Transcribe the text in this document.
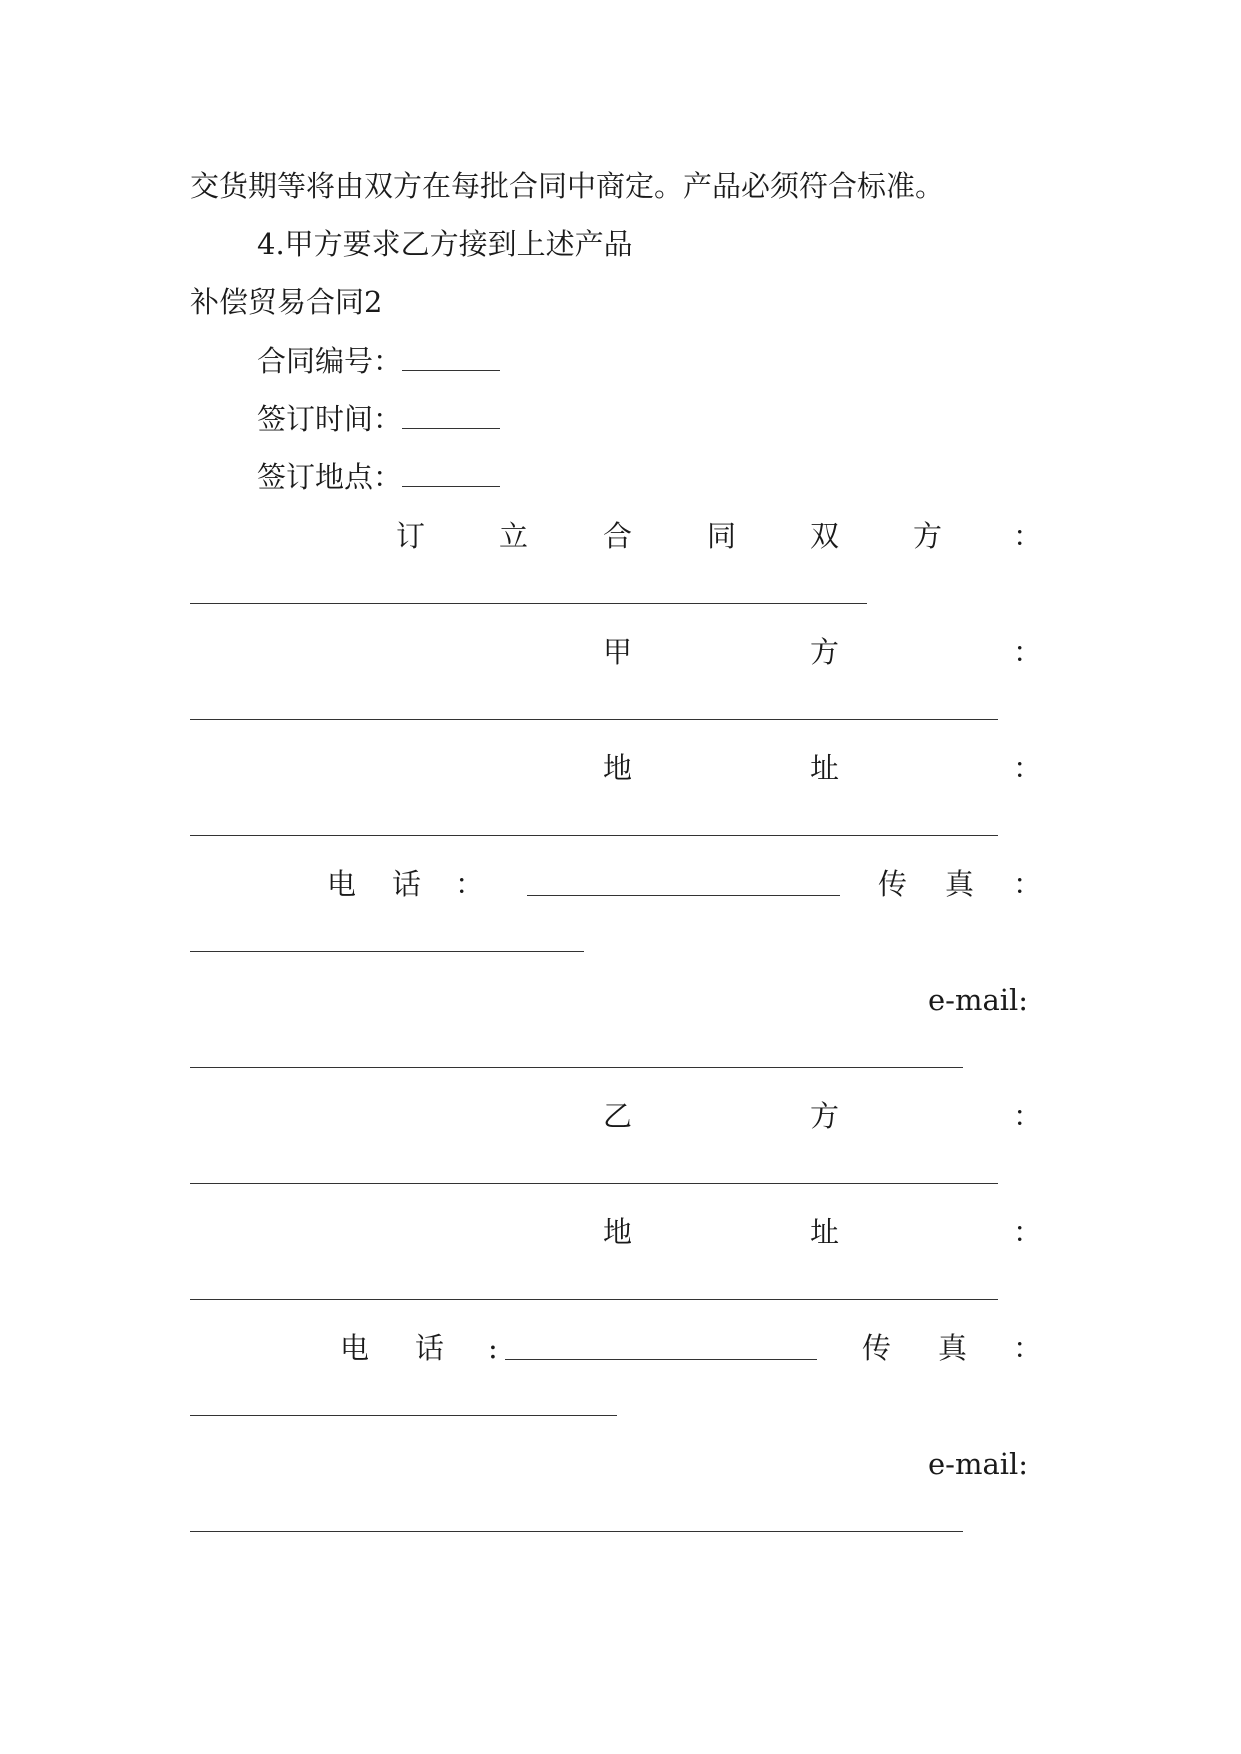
交货期等将由双方在每批合同中商定。产品必须符合标准。
4.甲方要求乙方接到上述产品
补偿贸易合同2
合同编号：
签订时间：
签订地点：
订	立	合	同	双	方 ：
甲	方	：
地	址	：
电 话 ：	传 真 ：
e-mail:
乙	方	：
地	址	：
电 话 :	传 真 ：
e-mail:
